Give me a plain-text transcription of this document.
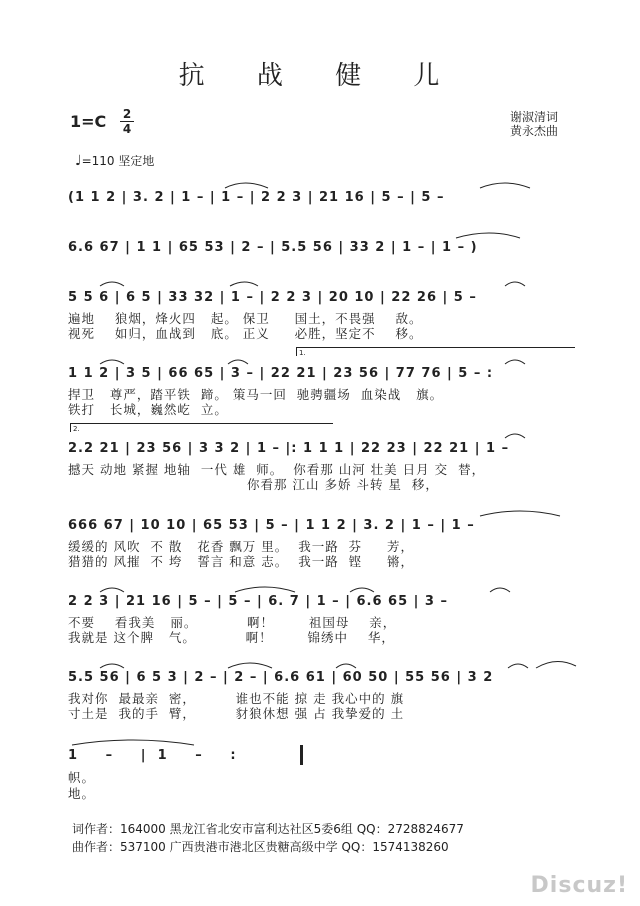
抗 战 健 儿
1=C 2
4
谢淑清词
黄永杰曲
♩=110 坚定地
(1 1 2 | 3. 2 | 1 – | 1 – | 2 2 3 | 21 16 | 5 – | 5 –
6.6 67 | 1 1 | 65 53 | 2 – | 5.5 56 | 33 2 | 1 – | 1 – )
5 5 6 | 6 5 | 33 32 | 1 – | 2 2 3 | 20 10 | 22 26 | 5 –
遍地    狼烟，烽火四   起。 保卫     国土，不畏强    敌。
视死    如归，血战到   底。 正义     必胜，坚定不    移。
1.
1 1 2 | 3 5 | 66 65 | 3 – | 22 21 | 23 56 | 77 76 | 5 – :
捍卫   尊严，踏平铁  蹄。 策马一回  驰骋疆场  血染战   旗。
铁打   长城，巍然屹  立。
2.
2.2 21 | 23 56 | 3 3 2 | 1 – |: 1 1 1 | 22 23 | 22 21 | 1 –
撼天 动地 紧握 地轴  一代 雄  师。  你看那 山河 壮美 日月 交  替，
你看那 江山 多娇 斗转 星  移，
666 67 | 10 10 | 65 53 | 5 – | 1 1 2 | 3. 2 | 1 – | 1 –
缓缓的 风吹  不 散   花香 飘万 里。  我一路  芬     芳，
猎猎的 风摧  不 垮   誓言 和意 志。  我一路  铿     锵，
2 2 3 | 21 16 | 5 – | 5 – | 6. 7 | 1 – | 6.6 65 | 3 –
不要    看我美   丽。          啊！       祖国母    亲，
我就是 这个脾   气。          啊！       锦绣中    华，
5.5 56 | 6 5 3 | 2 – | 2 – | 6.6 61 | 60 50 | 55 56 | 3 2
我对你  最最亲  密，        谁也不能 掠 走 我心中的 旗
寸土是  我的手  臂，        豺狼休想 强 占 我挚爱的 土
1     –     |  1     –     :
帜。
地。
词作者：164000 黑龙江省北安市富利达社区5委6组 QQ：2728824677
曲作者：537100 广西贵港市港北区贵糖高级中学 QQ：1574138260
Discuz!
